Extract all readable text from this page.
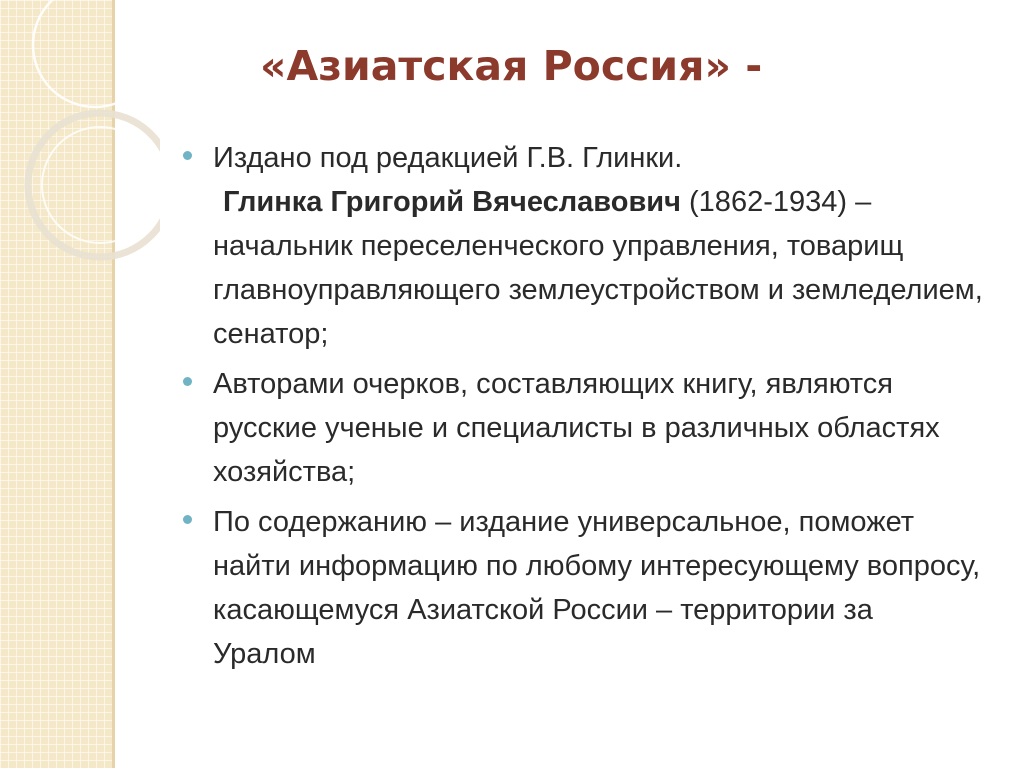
«Азиатская Россия» -

Издано под редакцией Г.В. Глинки.

Глинка Григорий Вячеславович (1862-1934) – начальник переселенческого управления, товарищ главноуправляющего землеустройством и земледелием, сенатор;

Авторами очерков, составляющих книгу, являются русские ученые и специалисты в различных областях хозяйства;

По содержанию – издание универсальное, поможет найти информацию по любому интересующему вопросу, касающемуся Азиатской России – территории за Уралом
